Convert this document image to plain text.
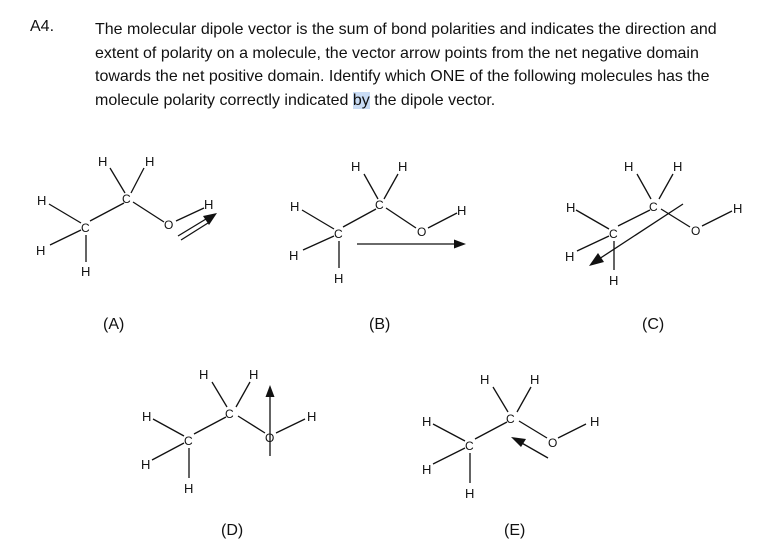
A4.	The molecular dipole vector is the sum of bond polarities and indicates the direction and extent of polarity on a molecule, the vector arrow points from the net negative domain towards the net positive domain. Identify which ONE of the following molecules has the molecule polarity correctly indicated by the dipole vector.
H
H
H
H	H
H
C
C
O
(A)
H
H
H
H	H
H
C
C
O
(B)
H
H
H
H	H
H
C
C
O
(C)
H
H
H
H	H
H
C
C
O
(D)
H
H
H
H	H
H
C
C
O
(E)
